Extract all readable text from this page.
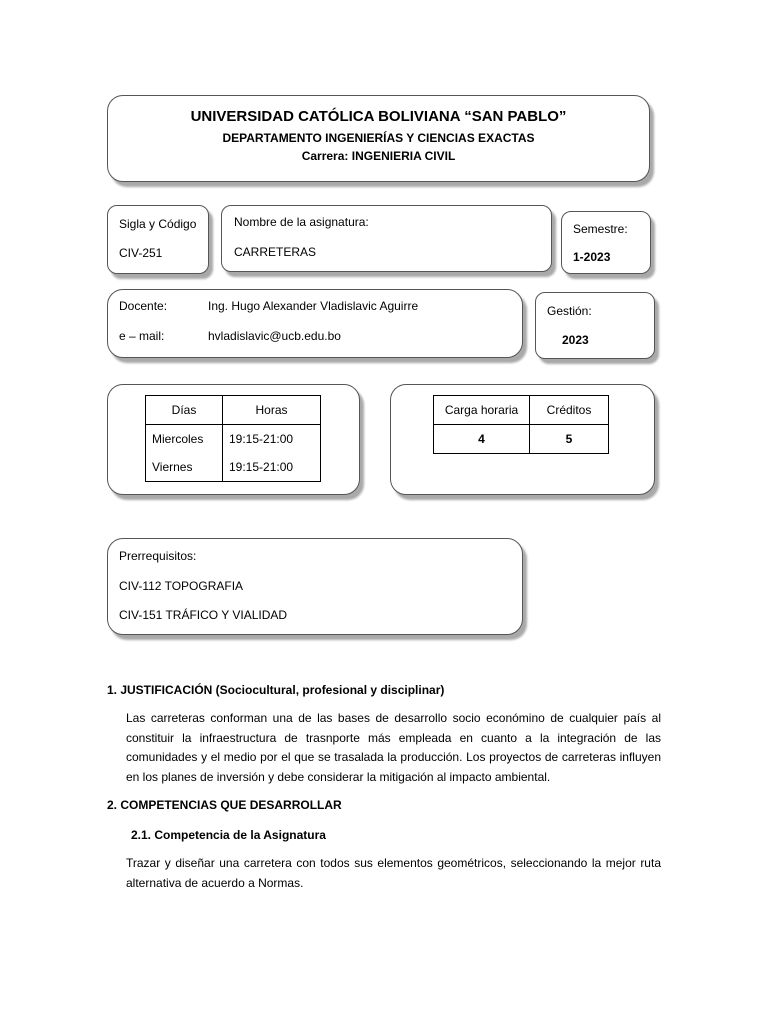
UNIVERSIDAD CATÓLICA BOLIVIANA “SAN PABLO”
DEPARTAMENTO INGENIERÍAS Y CIENCIAS EXACTAS
Carrera: INGENIERIA CIVIL
Sigla y Código
CIV-251
Nombre de la asignatura:
CARRETERAS
Semestre:
1-2023
Docente:	Ing. Hugo Alexander Vladislavic Aguirre
e – mail:	hvladislavic@ucb.edu.bo
Gestión:
2023
Días	Horas
Miercoles	19:15-21:00
Viernes	19:15-21:00
Carga horaria	Créditos
4	5
Prerrequisitos:
CIV-112 TOPOGRAFIA
CIV-151 TRÁFICO Y VIALIDAD
1. JUSTIFICACIÓN (Sociocultural, profesional y disciplinar)
Las carreteras conforman una de las bases de desarrollo socio económino de cualquier país al constituir la infraestructura de trasnporte más empleada en cuanto a la integración de las comunidades y el medio por el que se trasalada la producción. Los proyectos de carreteras influyen en los planes de inversión y debe considerar la mitigación al impacto ambiental.
2. COMPETENCIAS QUE DESARROLLAR
2.1. Competencia de la Asignatura
Trazar y diseñar una carretera con todos sus elementos geométricos, seleccionando la mejor ruta alternativa de acuerdo a Normas.
